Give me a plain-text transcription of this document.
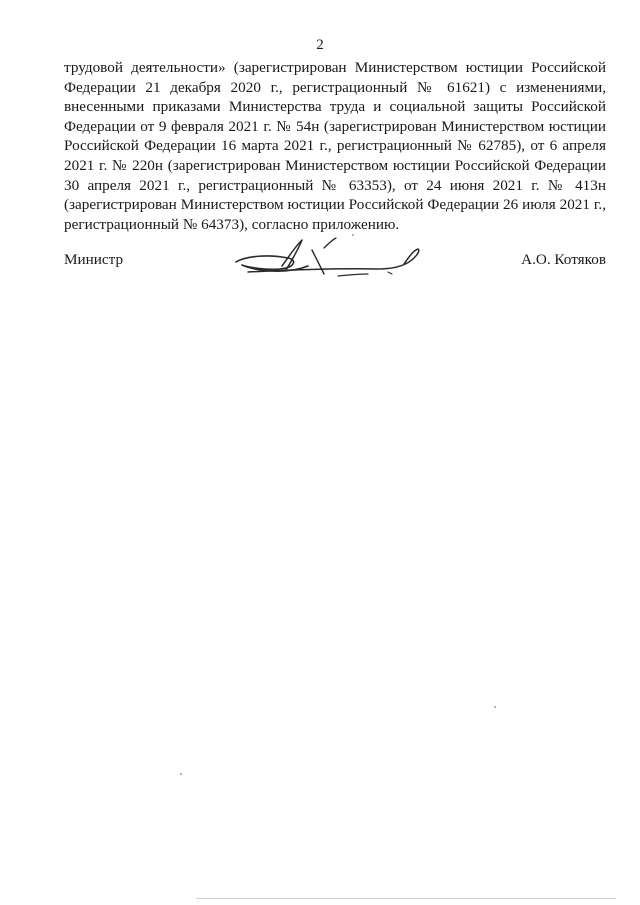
2

трудовой деятельности» (зарегистрирован Министерством юстиции Российской Федерации 21 декабря 2020 г., регистрационный № 61621) с изменениями, внесенными приказами Министерства труда и социальной защиты Российской Федерации от 9 февраля 2021 г. № 54н (зарегистрирован Министерством юстиции Российской Федерации 16 марта 2021 г., регистрационный № 62785), от 6 апреля 2021 г. № 220н (зарегистрирован Министерством юстиции Российской Федерации 30 апреля 2021 г., регистрационный № 63353), от 24 июня 2021 г. № 413н (зарегистрирован Министерством юстиции Российской Федерации 26 июля 2021 г., регистрационный № 64373), согласно приложению.

Министр	А.О. Котяков
